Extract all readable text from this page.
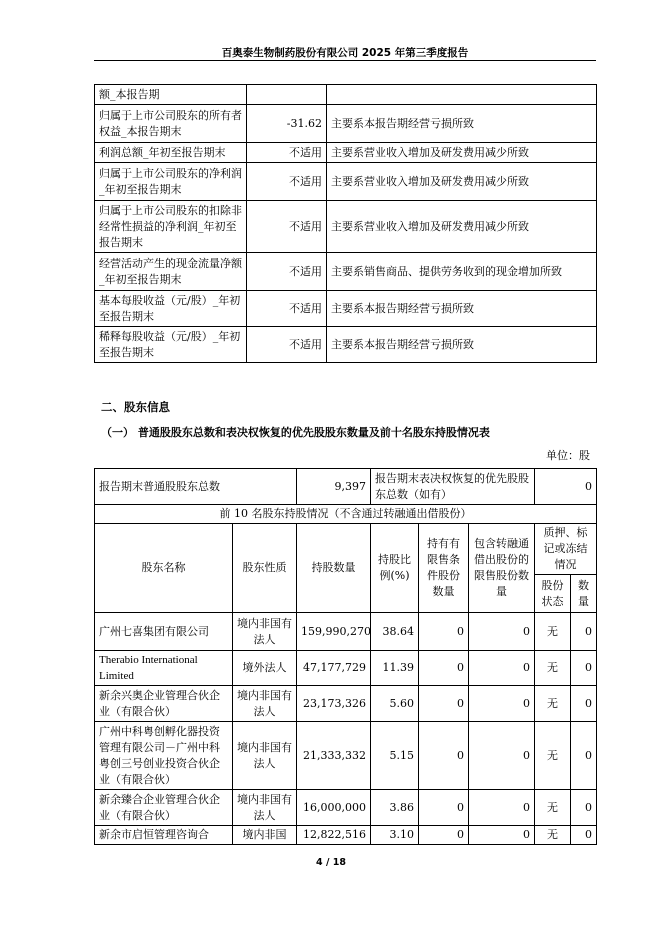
百奥泰生物制药股份有限公司 2025 年第三季度报告
额_本报告期		
归属于上市公司股东的所有者权益_本报告期末	-31.62	主要系本报告期经营亏损所致
利润总额_年初至报告期末	不适用	主要系营业收入增加及研发费用减少所致
归属于上市公司股东的净利润_年初至报告期末	不适用	主要系营业收入增加及研发费用减少所致
归属于上市公司股东的扣除非经常性损益的净利润_年初至报告期末	不适用	主要系营业收入增加及研发费用减少所致
经营活动产生的现金流量净额_年初至报告期末	不适用	主要系销售商品、提供劳务收到的现金增加所致
基本每股收益（元/股）_年初至报告期末	不适用	主要系本报告期经营亏损所致
稀释每股收益（元/股）_年初至报告期末	不适用	主要系本报告期经营亏损所致
二、股东信息
（一） 普通股股东总数和表决权恢复的优先股股东数量及前十名股东持股情况表
单位：股
报告期末普通股股东总数		9,397	报告期末表决权恢复的优先股股东总数（如有）			0	
前 10 名股东持股情况（不含通过转融通出借股份）							
股东名称	股东性质	持股数量	持股比例(%)	持有有限售条件股份数量	包含转融通借出股份的限售股份数量	质押、标记或冻结情况	
						股份状态	数量
广州七喜集团有限公司	境内非国有法人	159,990,270	38.64	0	0	无	0
Therabio International Limited	境外法人	47,177,729	11.39	0	0	无	0
新余兴奥企业管理合伙企业（有限合伙）	境内非国有法人	23,173,326	5.60	0	0	无	0
广州中科粤创孵化器投资管理有限公司－广州中科粤创三号创业投资合伙企业（有限合伙）	境内非国有法人	21,333,332	5.15	0	0	无	0
新余臻合企业管理合伙企业（有限合伙）	境内非国有法人	16,000,000	3.86	0	0	无	0
新余市启恒管理咨询合	境内非国	12,822,516	3.10	0	0	无	0
4 / 18
